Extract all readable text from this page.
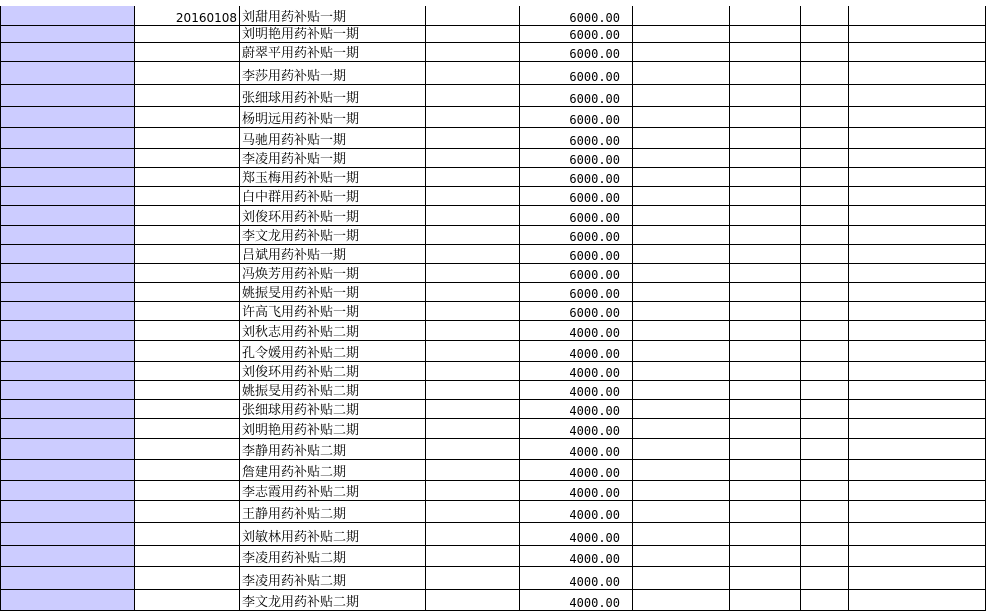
20160108 刘甜用药补贴一期	6000.00
刘明艳用药补贴一期	6000.00
蔚翠平用药补贴一期	6000.00
李莎用药补贴一期	6000.00
张细球用药补贴一期	6000.00
杨明远用药补贴一期	6000.00
马驰用药补贴一期	6000.00
李凌用药补贴一期	6000.00
郑玉梅用药补贴一期	6000.00
白中群用药补贴一期	6000.00
刘俊环用药补贴一期	6000.00
李文龙用药补贴一期	6000.00
吕斌用药补贴一期	6000.00
冯焕芳用药补贴一期	6000.00
姚振旻用药补贴一期	6000.00
许高飞用药补贴一期	6000.00
刘秋志用药补贴二期	4000.00
孔令媛用药补贴二期	4000.00
刘俊环用药补贴二期	4000.00
姚振旻用药补贴二期	4000.00
张细球用药补贴二期	4000.00
刘明艳用药补贴二期	4000.00
李静用药补贴二期	4000.00
詹建用药补贴二期	4000.00
李志霞用药补贴二期	4000.00
王静用药补贴二期	4000.00
刘敏林用药补贴二期	4000.00
李凌用药补贴二期	4000.00
李凌用药补贴二期	4000.00
李文龙用药补贴二期	4000.00
